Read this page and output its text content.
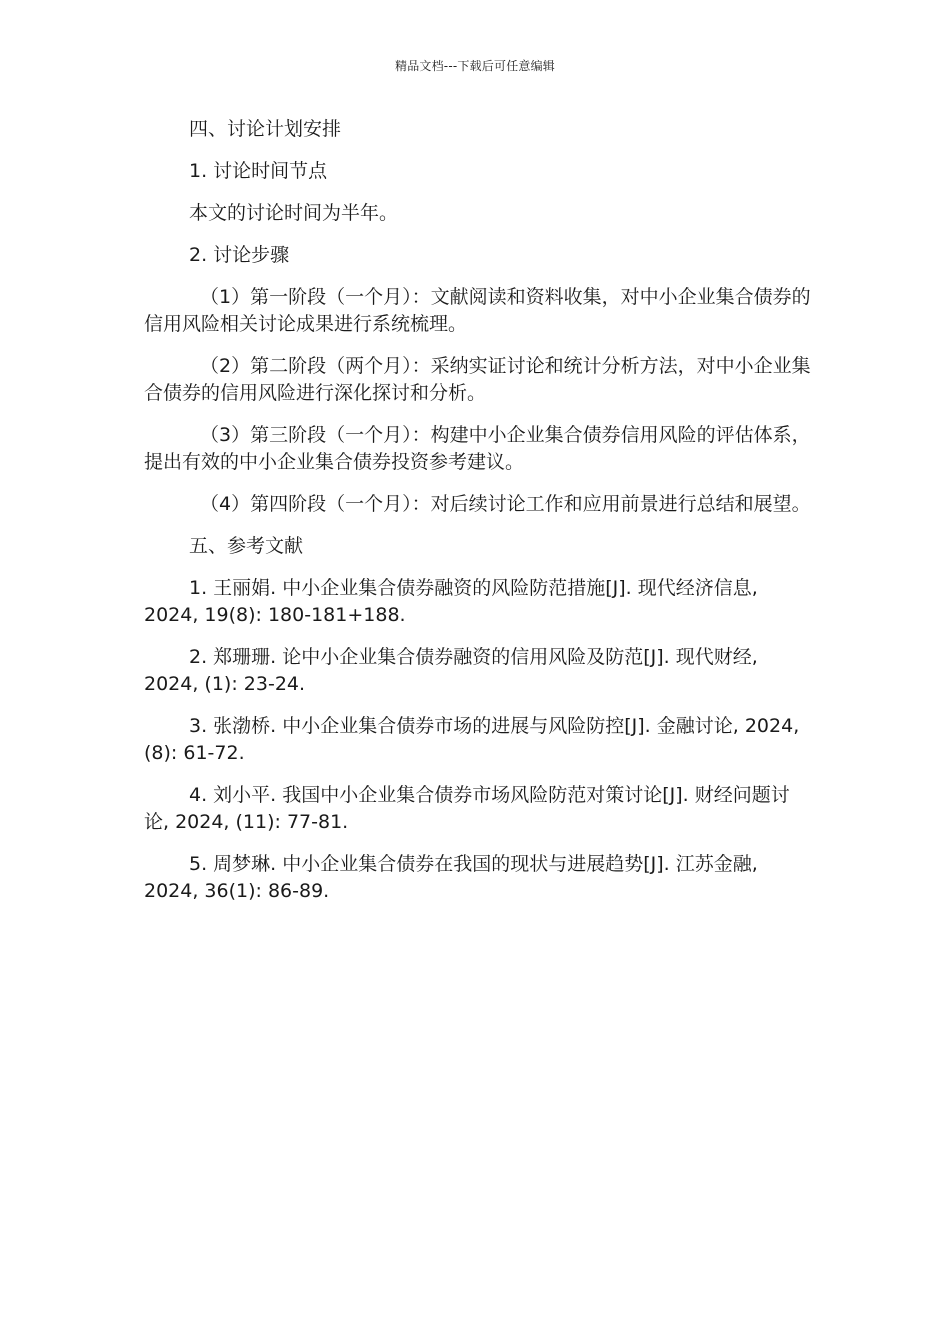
精品文档---下载后可任意编辑

四、讨论计划安排

1. 讨论时间节点

本文的讨论时间为半年。

2. 讨论步骤

（1）第一阶段（一个月）：文献阅读和资料收集，对中小企业集合债券的信用风险相关讨论成果进行系统梳理。

（2）第二阶段（两个月）：采纳实证讨论和统计分析方法，对中小企业集合债券的信用风险进行深化探讨和分析。

（3）第三阶段（一个月）：构建中小企业集合债券信用风险的评估体系，提出有效的中小企业集合债券投资参考建议。

（4）第四阶段（一个月）：对后续讨论工作和应用前景进行总结和展望。

五、参考文献

1. 王丽娟. 中小企业集合债券融资的风险防范措施[J]. 现代经济信息, 2024, 19(8): 180-181+188.

2. 郑珊珊. 论中小企业集合债券融资的信用风险及防范[J]. 现代财经, 2024, (1): 23-24.

3. 张渤桥. 中小企业集合债券市场的进展与风险防控[J]. 金融讨论, 2024, (8): 61-72.

4. 刘小平. 我国中小企业集合债券市场风险防范对策讨论[J]. 财经问题讨论, 2024, (11): 77-81.

5. 周梦琳. 中小企业集合债券在我国的现状与进展趋势[J]. 江苏金融, 2024, 36(1): 86-89.
